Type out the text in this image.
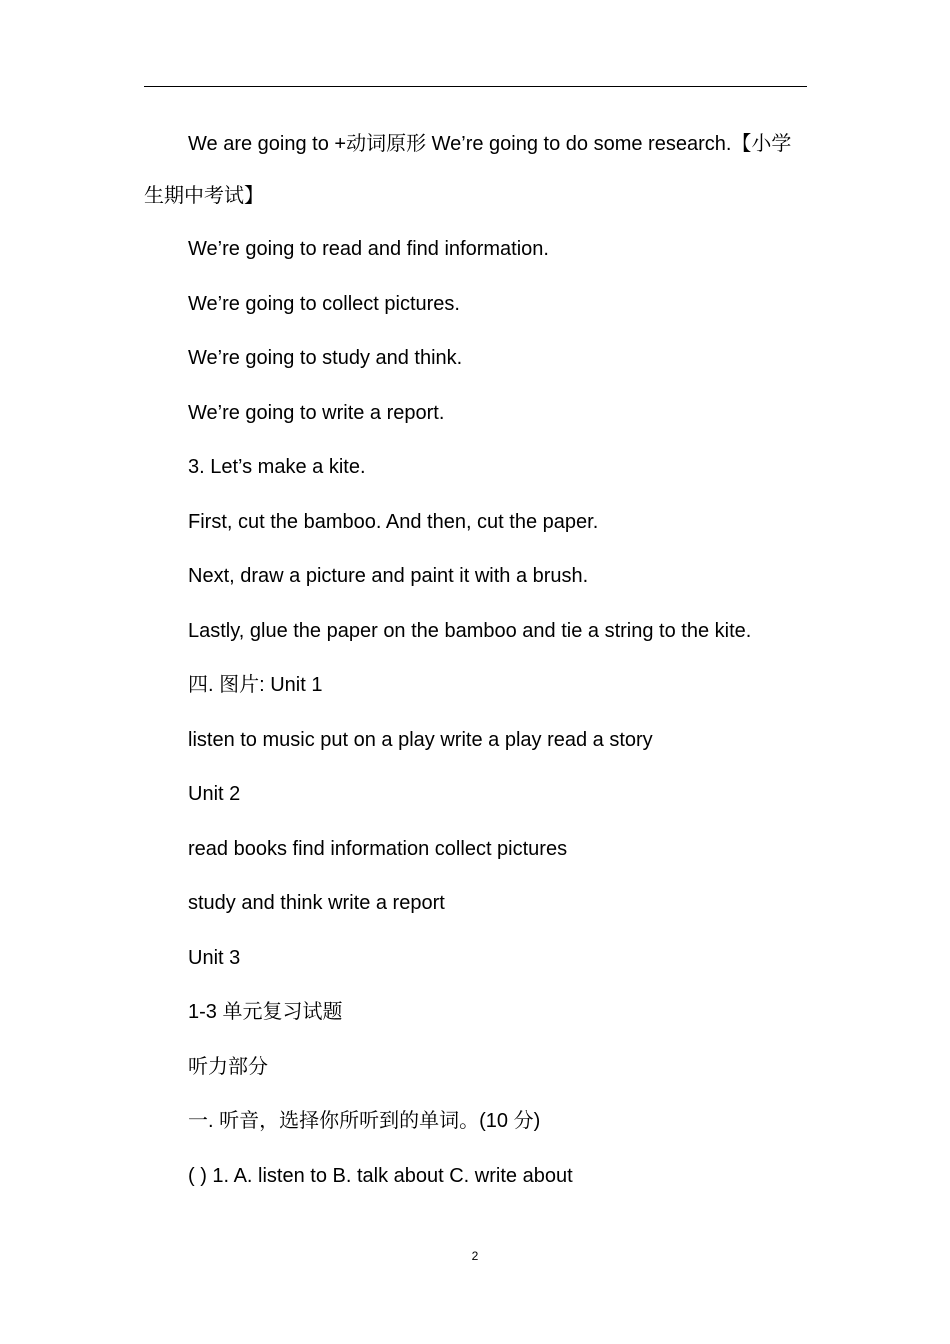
We are going to +动词原形 We’re going to do some research.【小学生期中考试】

We’re going to read and find information.

We’re going to collect pictures.

We’re going to study and think.

We’re going to write a report.

3. Let’s make a kite.

First, cut the bamboo. And then, cut the paper.

Next, draw a picture and paint it with a brush.

Lastly, glue the paper on the bamboo and tie a string to the kite.

四. 图片: Unit 1

listen to music put on a play write a play read a story

Unit 2

read books find information collect pictures

study and think write a report

Unit 3

1-3 单元复习试题

听力部分

一. 听音，选择你所听到的单词。(10 分)

( ) 1. A. listen to B. talk about C. write about

2
